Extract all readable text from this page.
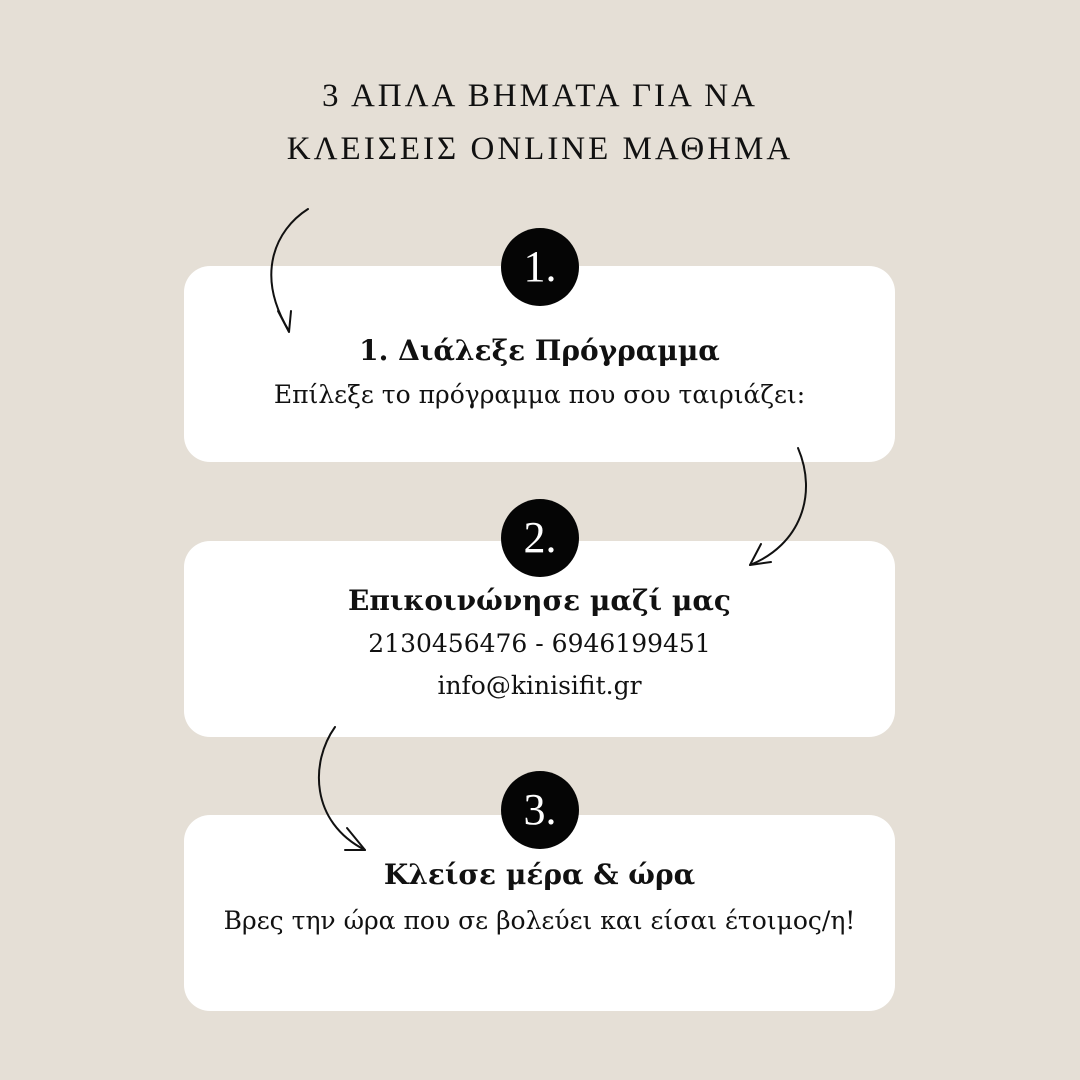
3 ΑΠΛΑ ΒΗΜΑΤΑ ΓΙΑ ΝΑ
ΚΛΕΙΣΕΙΣ ONLINE ΜΑΘΗΜΑ
1.
1. Διάλεξε Πρόγραμμα
Επίλεξε το πρόγραμμα που σου ταιριάζει:
2.
Επικοινώνησε μαζί μας
2130456476 - 6946199451
info@kinisifit.gr
3.
Κλείσε μέρα & ώρα
Βρες την ώρα που σε βολεύει και είσαι έτοιμος/η!
